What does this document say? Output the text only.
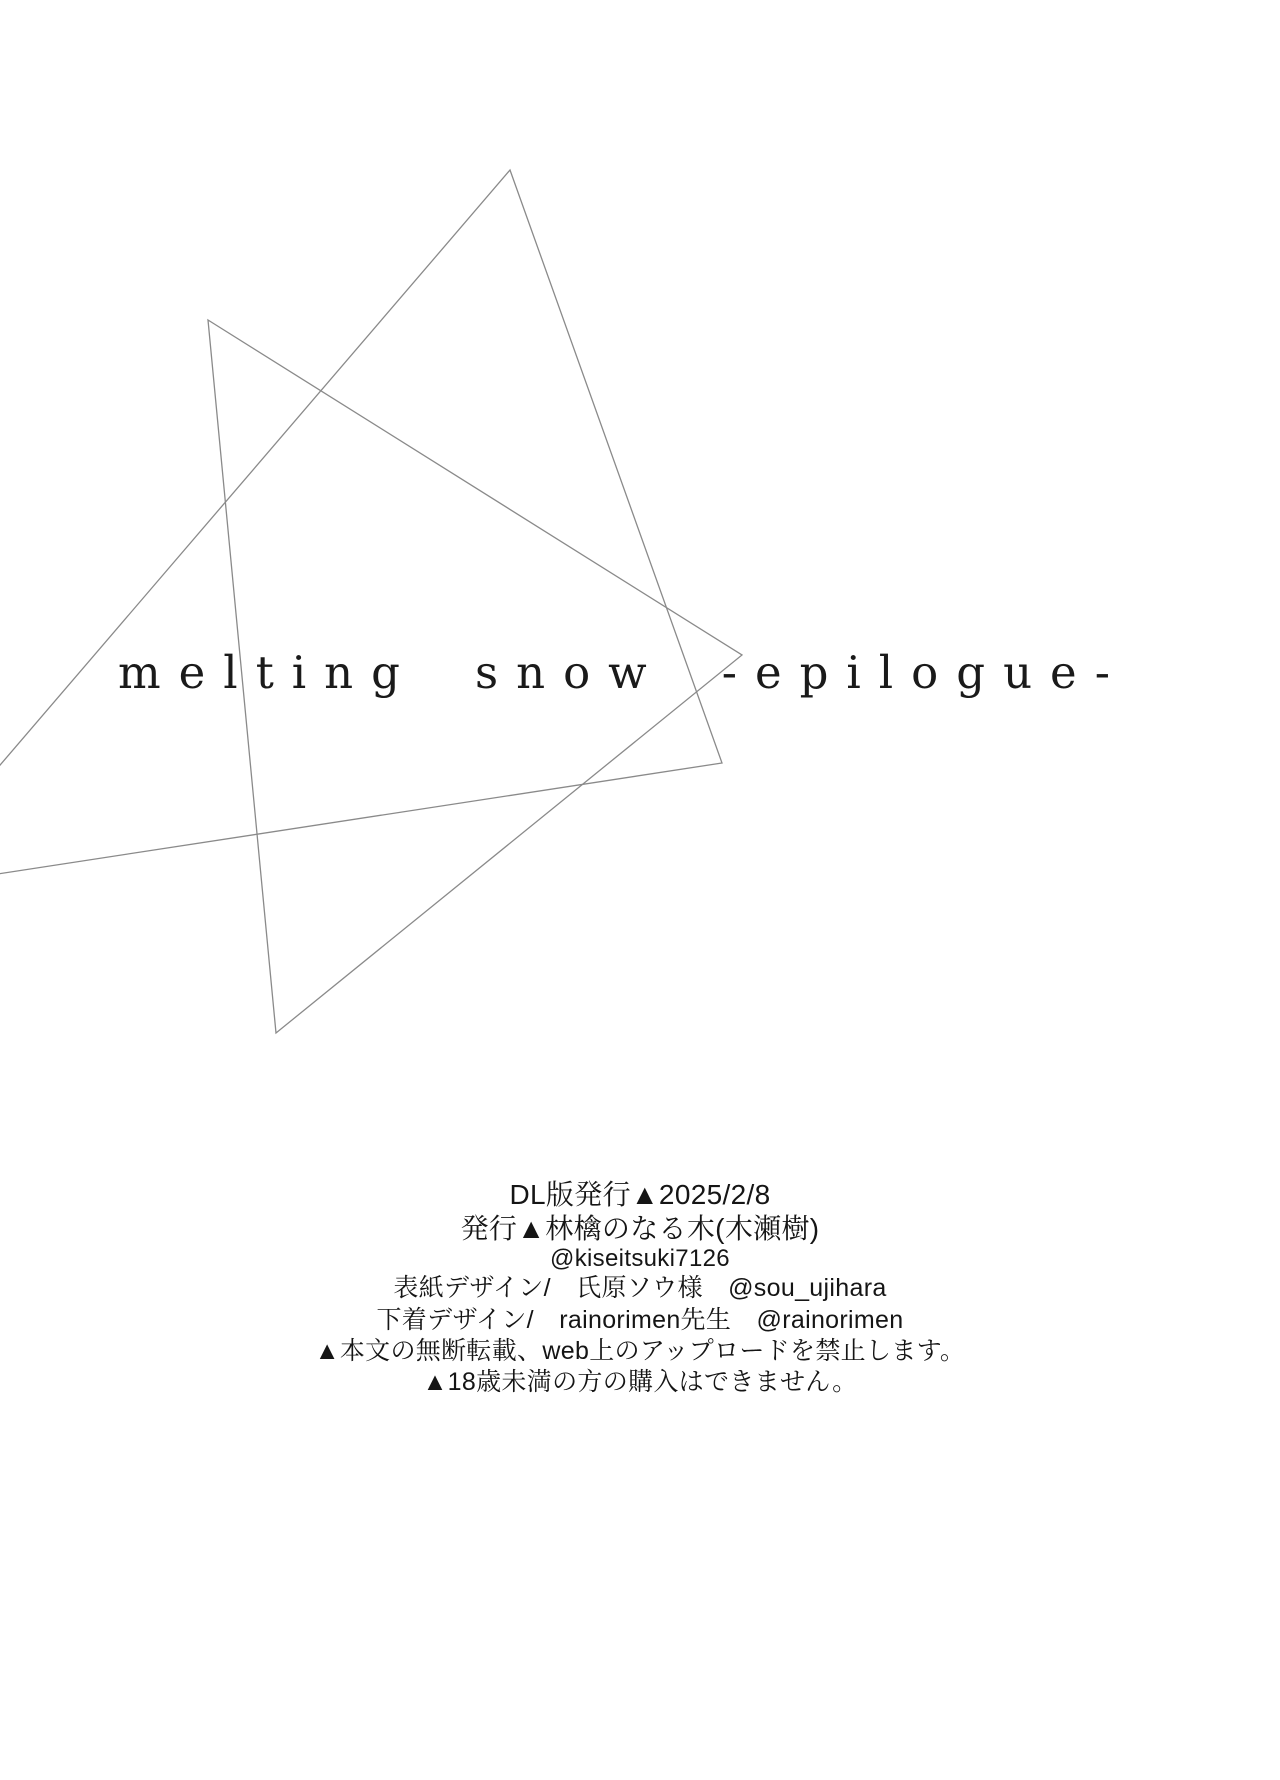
melting snow -epilogue-
DL版発行▲2025/2/8
発行▲林檎のなる木(木瀬樹)
@kiseitsuki7126
表紙デザイン/　氏原ソウ様　@sou_ujihara
下着デザイン/　rainorimen先生　@rainorimen
▲本文の無断転載、web上のアップロードを禁止します。
▲18歳未満の方の購入はできません。
